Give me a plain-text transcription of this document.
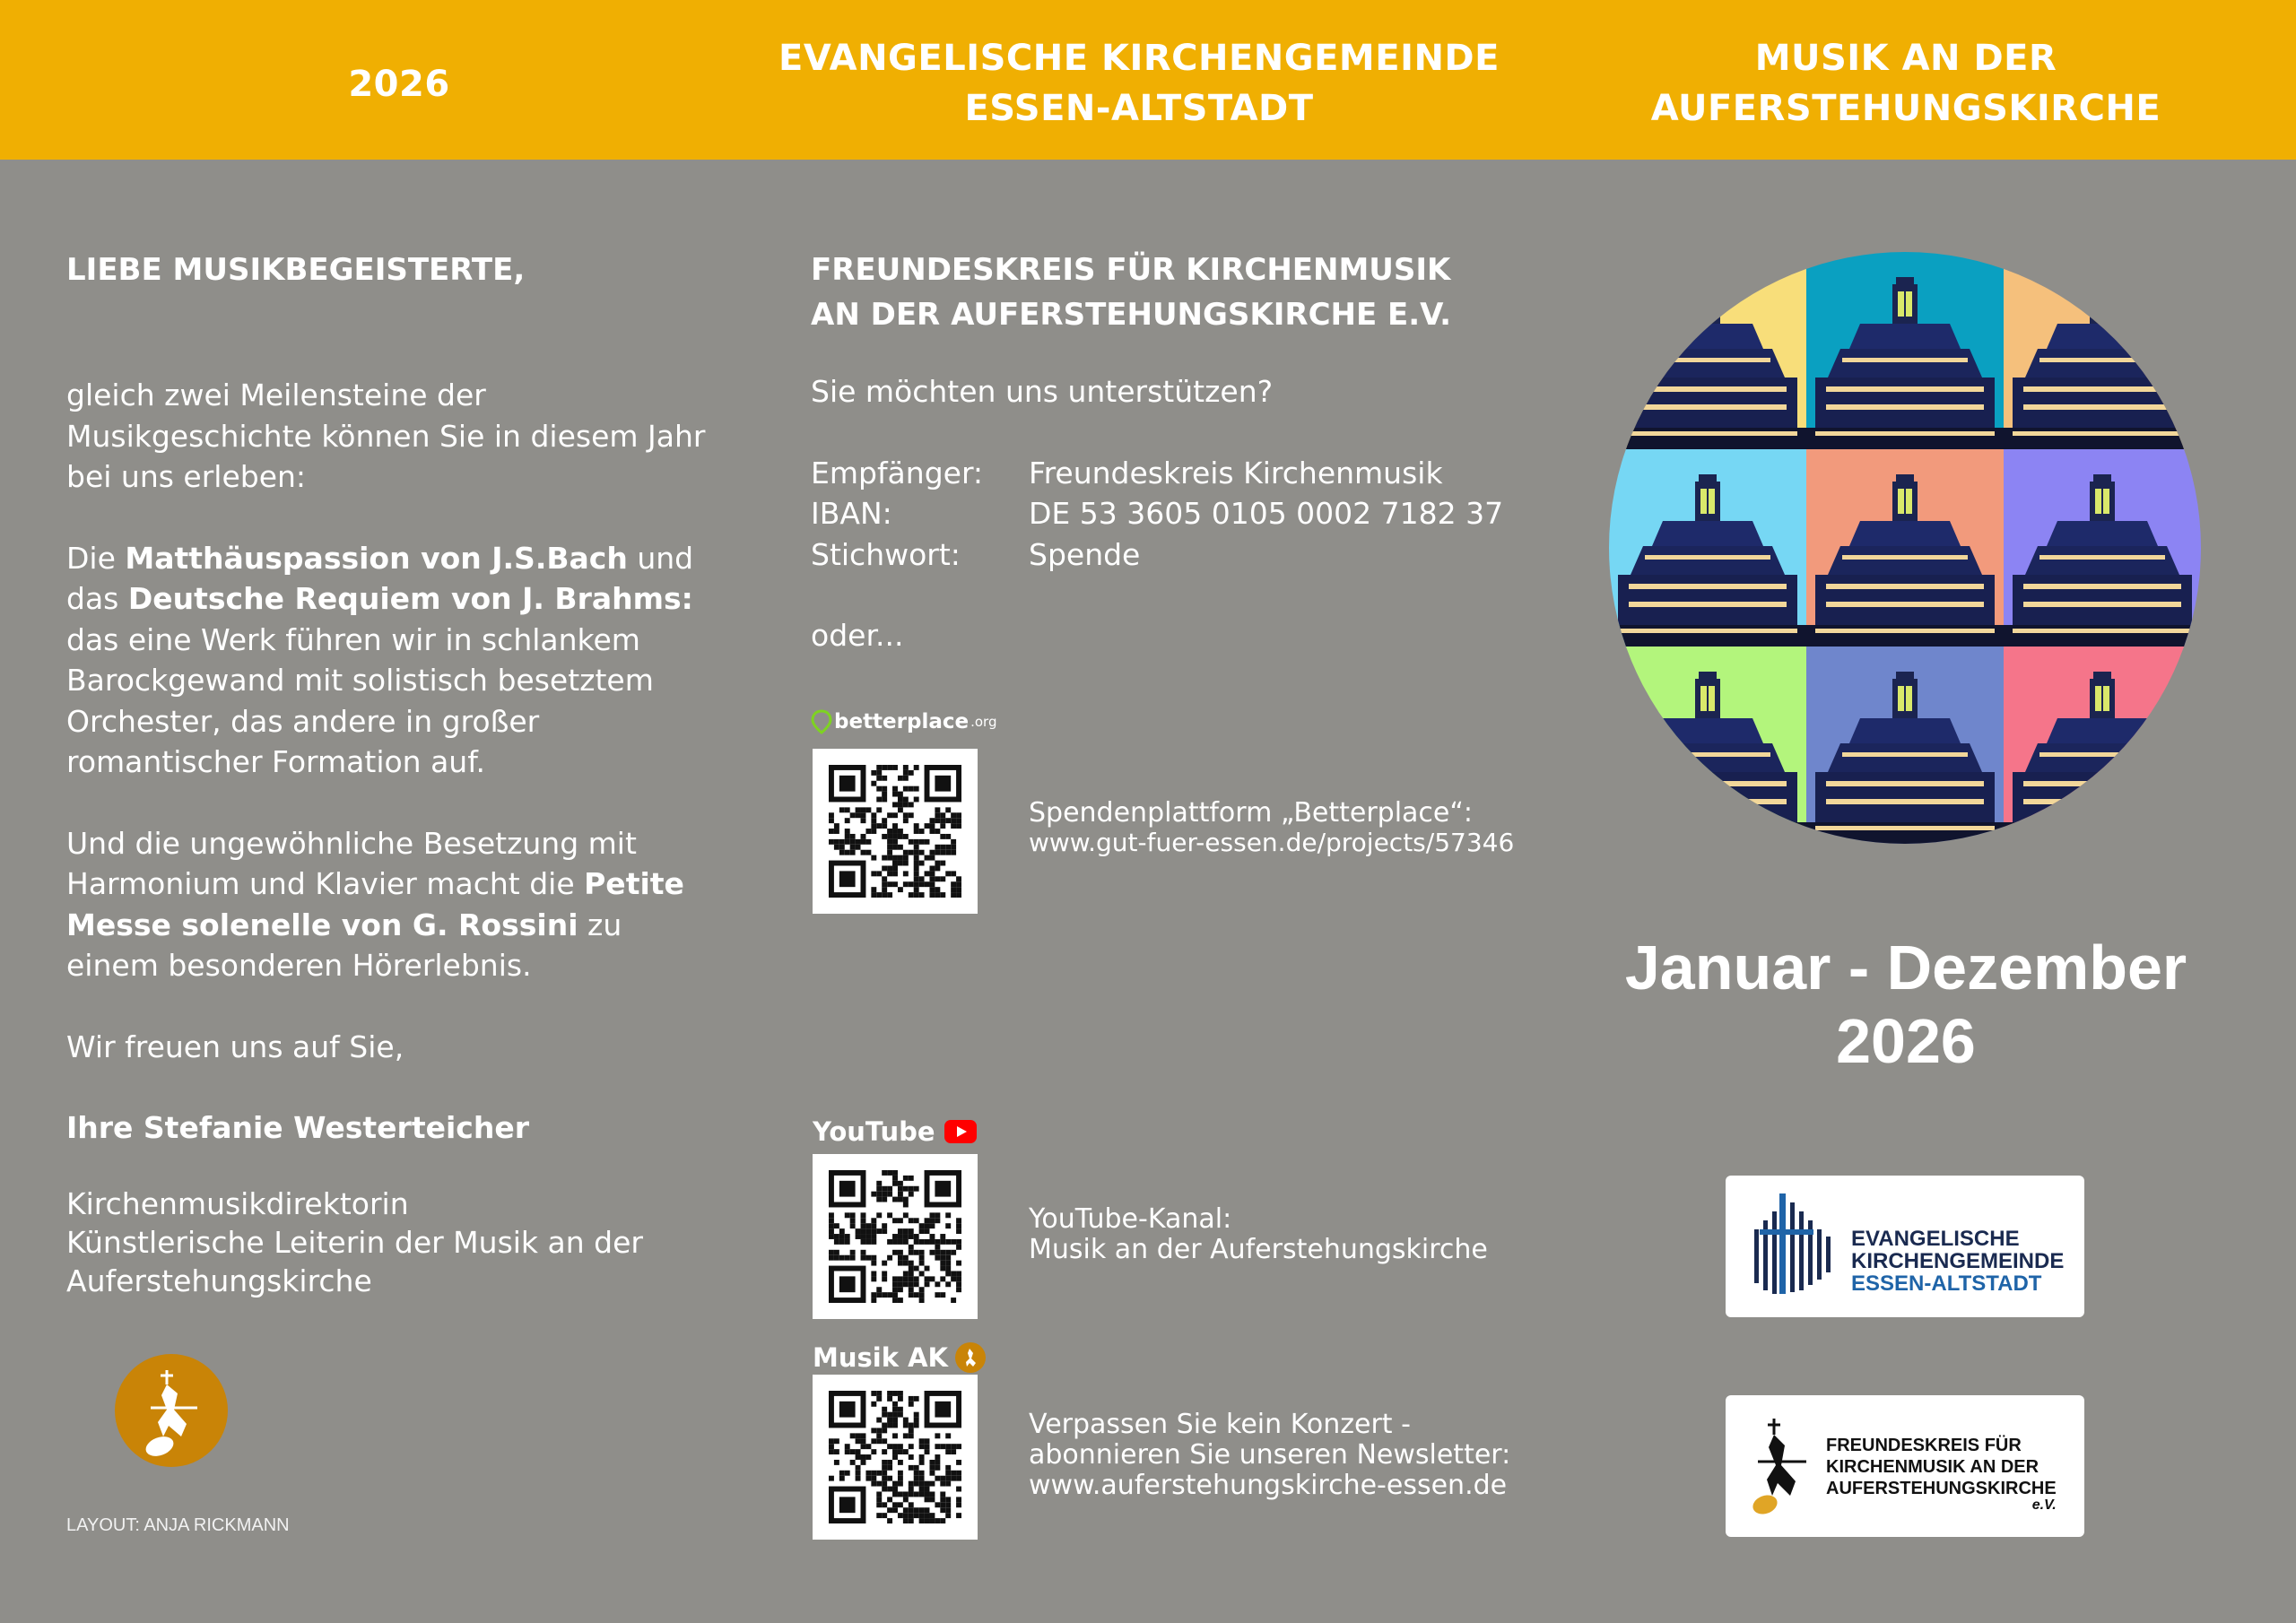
2026
EVANGELISCHE KIRCHENGEMEINDE
ESSEN-ALTSTADT
MUSIK AN DER
AUFERSTEHUNGSKIRCHE

LIEBE MUSIKBEGEISTERTE,

gleich zwei Meilensteine der Musikgeschichte können Sie in diesem Jahr bei uns erleben:

Die Matthäuspassion von J.S.Bach und das Deutsche Requiem von J. Brahms:
das eine Werk führen wir in schlankem Barockgewand mit solistisch besetztem Orchester, das andere in großer romantischer Formation auf.

Und die ungewöhnliche Besetzung mit Harmonium und Klavier macht die Petite Messe solenelle von G. Rossini zu einem besonderen Hörerlebnis.

Wir freuen uns auf Sie,

Ihre Stefanie Westerteicher

Kirchenmusikdirektorin

Künstlerische Leiterin der Musik an der Auferstehungskirche

LAYOUT: ANJA RICKMANN

FREUNDESKREIS FÜR KIRCHENMUSIK

AN DER AUFERSTEHUNGSKIRCHE E.V.

Sie möchten uns unterstützen?

Empfänger:	Freundeskreis Kirchenmusik
IBAN:	DE 53 3605 0105 0002 7182 37
Stichwort:	Spende

oder...

betterplace .org
Spendenplattform „Betterplace“:
www.gut-fuer-essen.de/projects/57346
YouTube
YouTube-Kanal:
Musik an der Auferstehungskirche
Musik AK
Verpassen Sie kein Konzert -
abonnieren Sie unseren Newsletter:
www.auferstehungskirche-essen.de
Januar - Dezember
2026
EVANGELISCHE
KIRCHENGEMEINDE
ESSEN-ALTSTADT
FREUNDESKREIS FÜR
KIRCHENMUSIK AN DER
AUFERSTEHUNGSKIRCHE
e.V.
